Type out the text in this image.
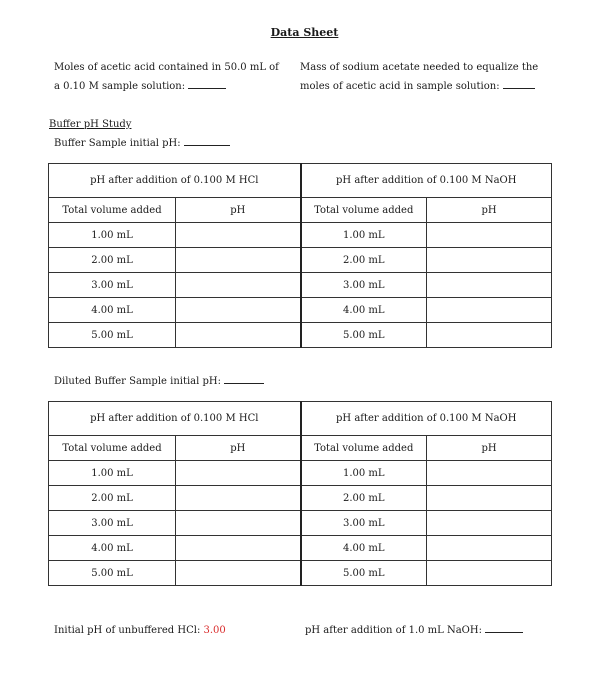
Data Sheet
Moles of acetic acid contained in 50.0 mL of
a 0.10 M sample solution:
Mass of sodium acetate needed to equalize the
moles of acetic acid in sample solution:
Buffer pH Study
Buffer Sample initial pH:
pH after addition of 0.100 M HCl		pH after addition of 0.100 M NaOH	
Total volume added	pH	Total volume added	pH
1.00 mL		1.00 mL	
2.00 mL		2.00 mL	
3.00 mL		3.00 mL	
4.00 mL		4.00 mL	
5.00 mL		5.00 mL	
Diluted Buffer Sample initial pH:
pH after addition of 0.100 M HCl		pH after addition of 0.100 M NaOH	
Total volume added	pH	Total volume added	pH
1.00 mL		1.00 mL	
2.00 mL		2.00 mL	
3.00 mL		3.00 mL	
4.00 mL		4.00 mL	
5.00 mL		5.00 mL	
Initial pH of unbuffered HCl: 3.00	pH after addition of 1.0 mL NaOH:
